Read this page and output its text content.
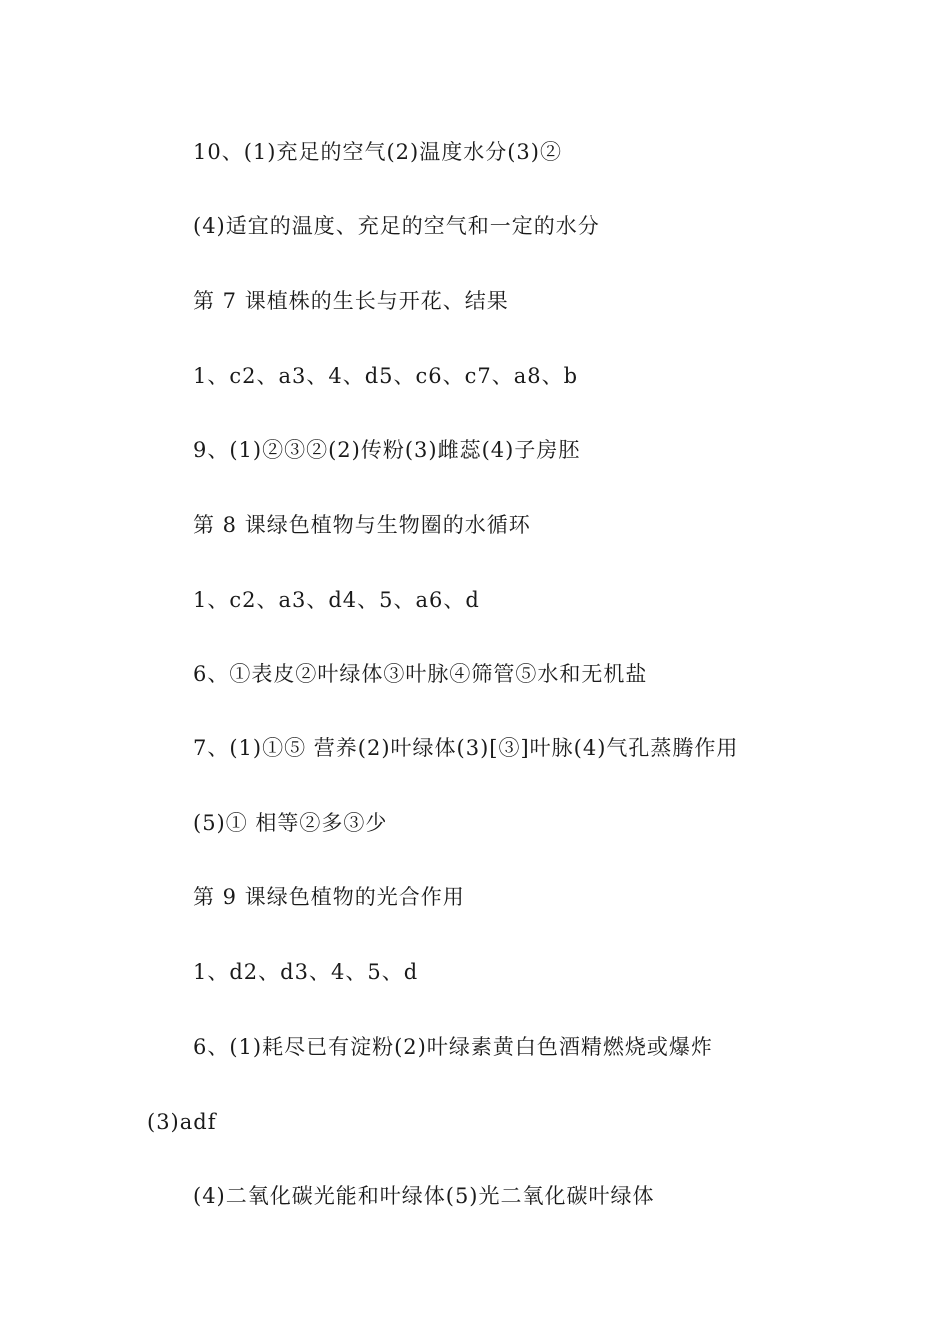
10、(1)充足的空气(2)温度水分(3)②
(4)适宜的温度、充足的空气和一定的水分
第 7 课植株的生长与开花、结果
1、c2、a3、4、d5、c6、c7、a8、b
9、(1)②③②(2)传粉(3)雌蕊(4)子房胚
第 8 课绿色植物与生物圈的水循环
1、c2、a3、d4、5、a6、d
6、①表皮②叶绿体③叶脉④筛管⑤水和无机盐
7、(1)①⑤ 营养(2)叶绿体(3)[③]叶脉(4)气孔蒸腾作用
(5)① 相等②多③少
第 9 课绿色植物的光合作用
1、d2、d3、4、5、d
6、(1)耗尽已有淀粉(2)叶绿素黄白色酒精燃烧或爆炸
(3)adf
(4)二氧化碳光能和叶绿体(5)光二氧化碳叶绿体
